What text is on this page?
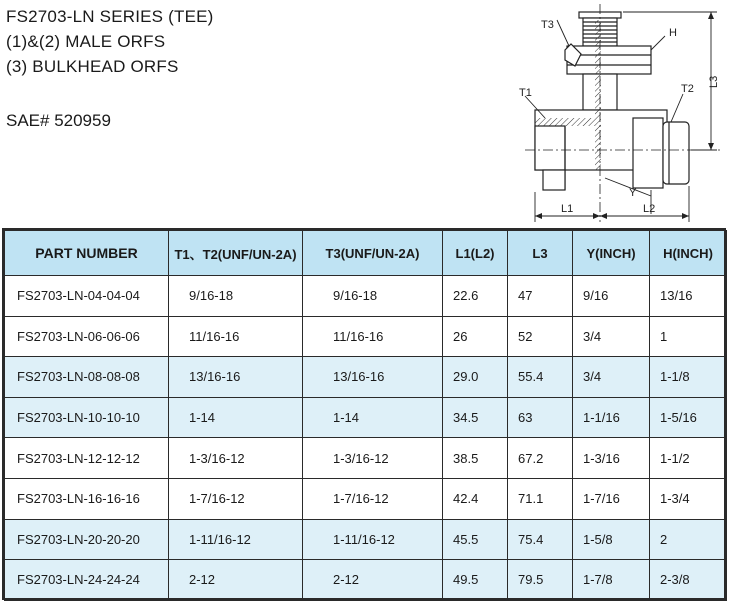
FS2703-LN SERIES (TEE)
(1)&(2) MALE ORFS
(3) BULKHEAD ORFS
SAE# 520959
T3
H
T1	T2
L3
Y
L1	L2
PART NUMBER	T1、T2(UNF/UN-2A)	T3(UNF/UN-2A)	L1(L2)	L3	Y(INCH)	H(INCH)
FS2703-LN-04-04-04	9/16-18	9/16-18	22.6	47	9/16	13/16
FS2703-LN-06-06-06	11/16-16	11/16-16	26	52	3/4	1
FS2703-LN-08-08-08	13/16-16	13/16-16	29.0	55.4	3/4	1-1/8
FS2703-LN-10-10-10	1-14	1-14	34.5	63	1-1/16	1-5/16
FS2703-LN-12-12-12	1-3/16-12	1-3/16-12	38.5	67.2	1-3/16	1-1/2
FS2703-LN-16-16-16	1-7/16-12	1-7/16-12	42.4	71.1	1-7/16	1-3/4
FS2703-LN-20-20-20	1-11/16-12	1-11/16-12	45.5	75.4	1-5/8	2
FS2703-LN-24-24-24	2-12	2-12	49.5	79.5	1-7/8	2-3/8
